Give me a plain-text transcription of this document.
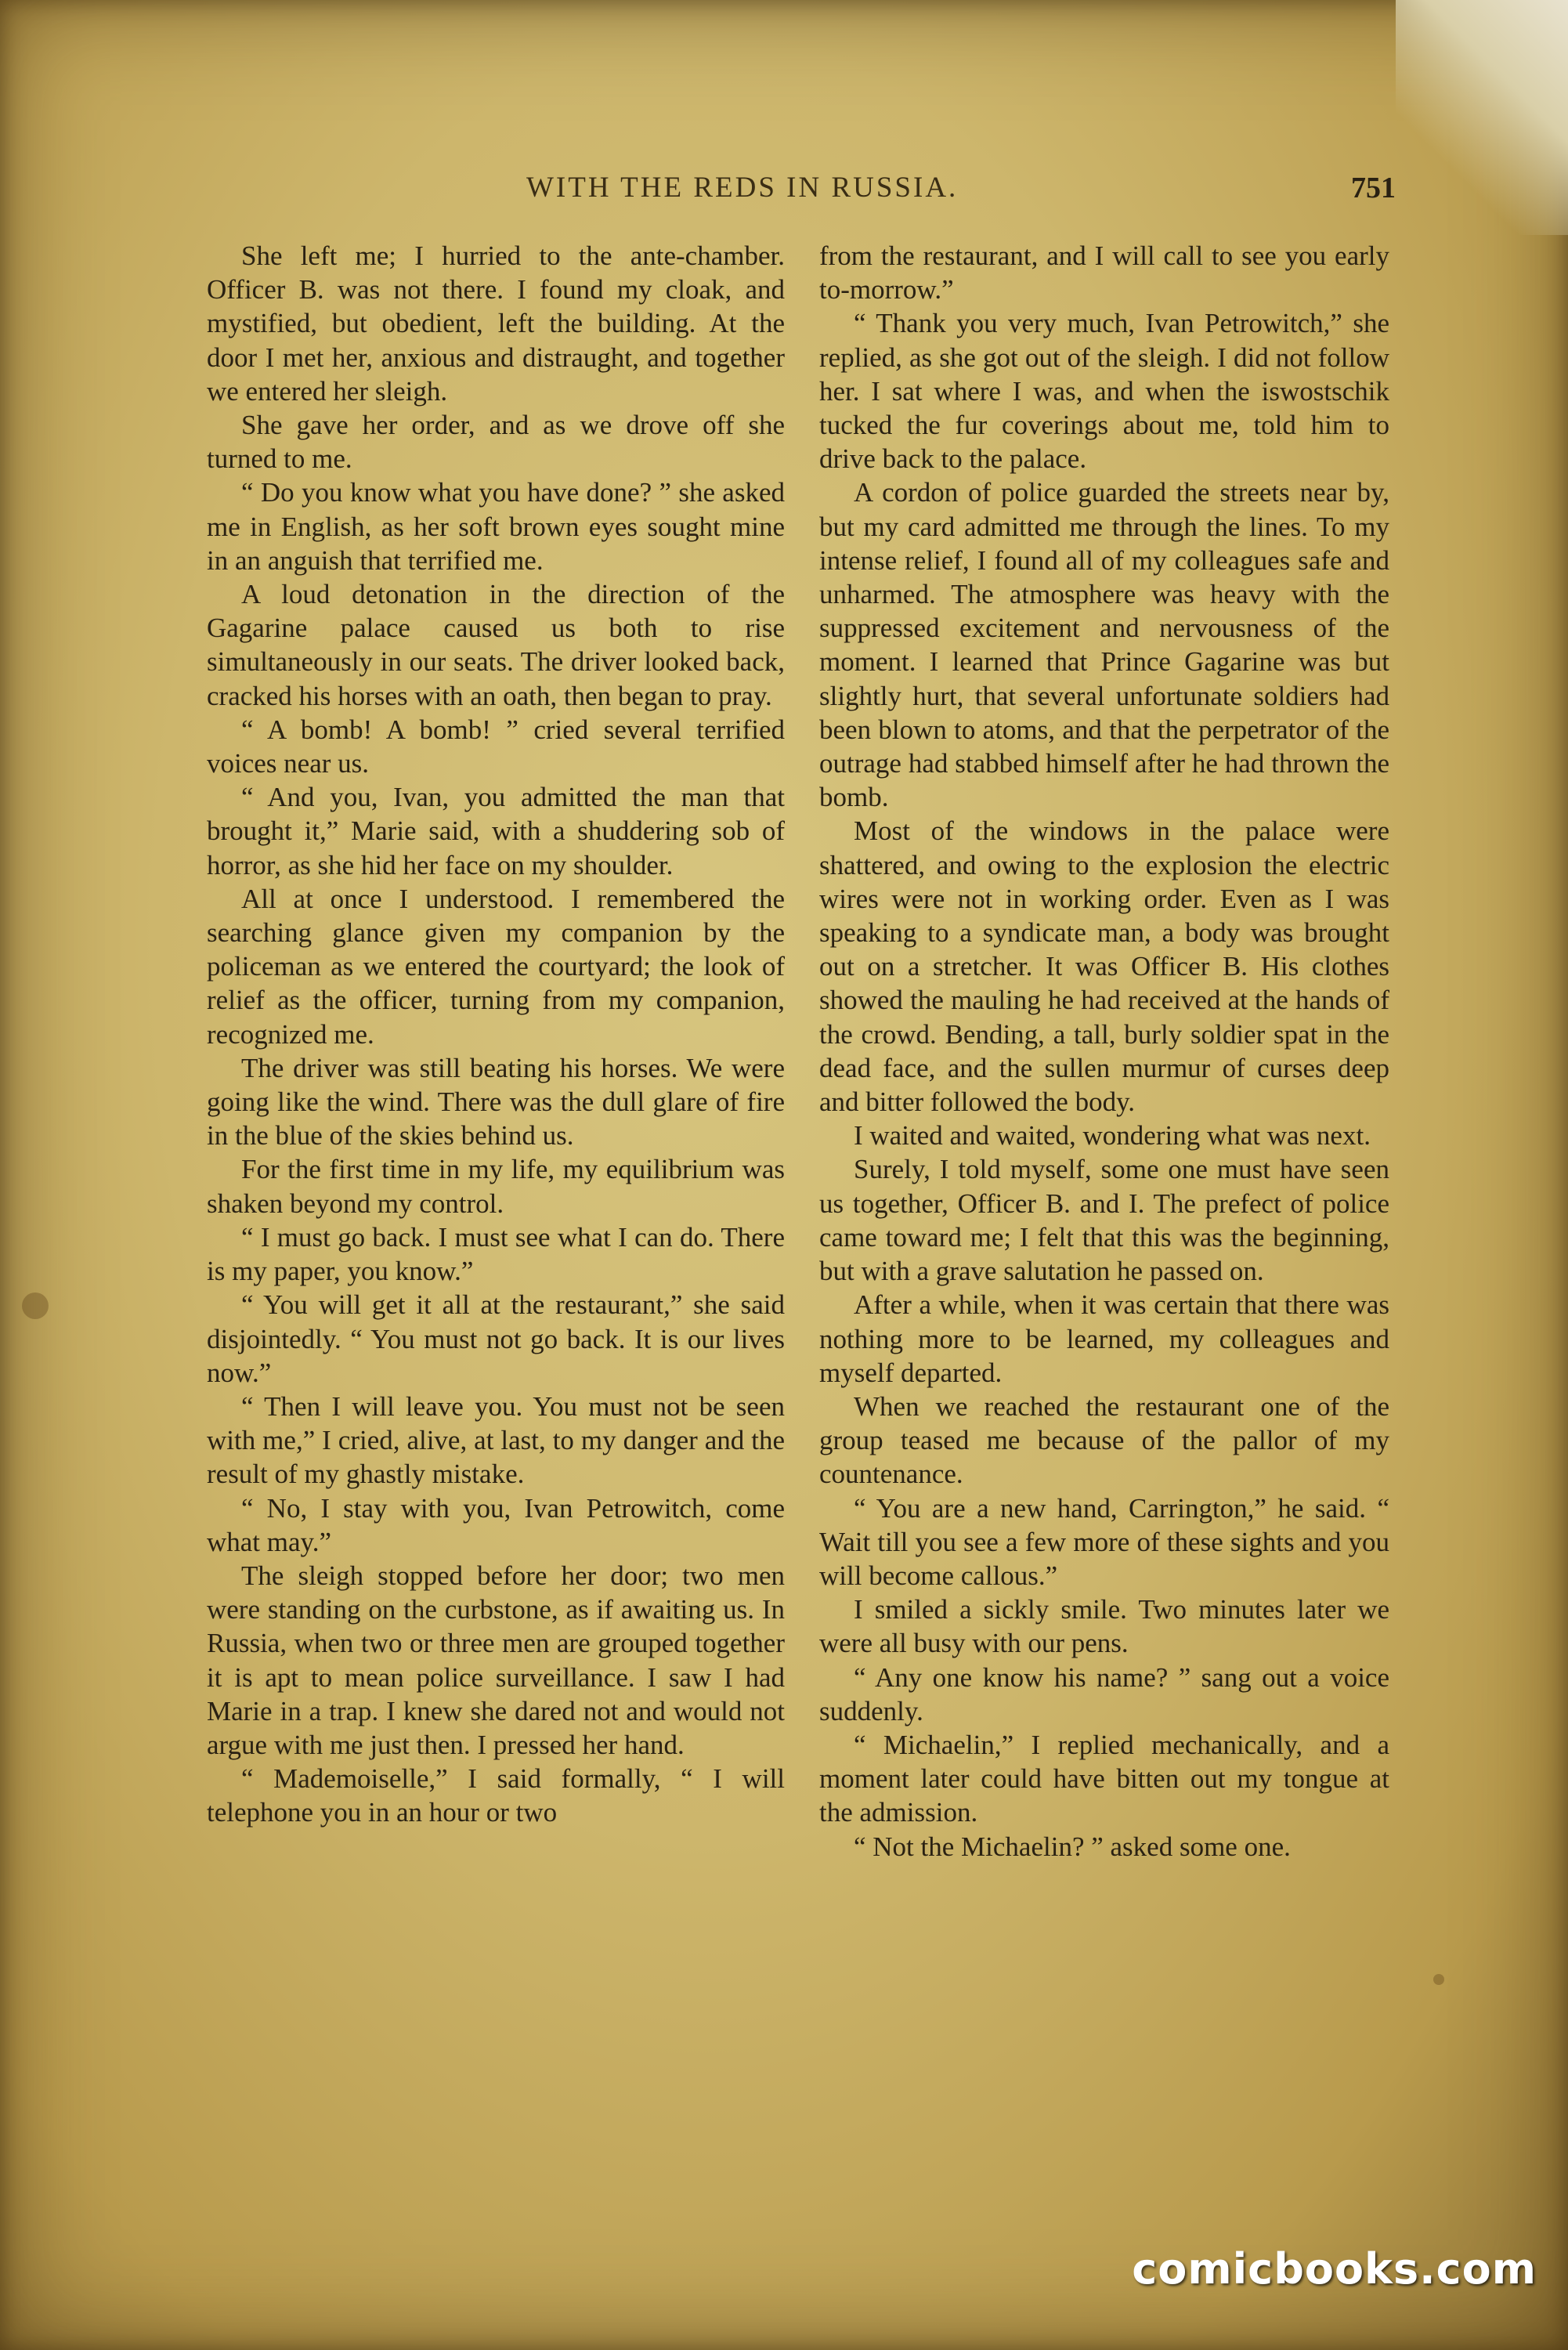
WITH THE REDS IN RUSSIA.	751

She left me; I hurried to the ante-chamber. Officer B. was not there. I found my cloak, and mystified, but obedient, left the building. At the door I met her, anxious and distraught, and together we entered her sleigh.

She gave her order, and as we drove off she turned to me.

“ Do you know what you have done? ” she asked me in English, as her soft brown eyes sought mine in an anguish that terrified me.

A loud detonation in the direction of the Gagarine palace caused us both to rise simultaneously in our seats. The driver looked back, cracked his horses with an oath, then began to pray.

“ A bomb! A bomb! ” cried several terrified voices near us.

“ And you, Ivan, you admitted the man that brought it,” Marie said, with a shuddering sob of horror, as she hid her face on my shoulder.

All at once I understood. I remembered the searching glance given my companion by the policeman as we entered the courtyard; the look of relief as the officer, turning from my companion, recognized me.

The driver was still beating his horses. We were going like the wind. There was the dull glare of fire in the blue of the skies behind us.

For the first time in my life, my equilibrium was shaken beyond my control.

“ I must go back. I must see what I can do. There is my paper, you know.”

“ You will get it all at the restaurant,” she said disjointedly. “ You must not go back. It is our lives now.”

“ Then I will leave you. You must not be seen with me,” I cried, alive, at last, to my danger and the result of my ghastly mistake.

“ No, I stay with you, Ivan Petrowitch, come what may.”

The sleigh stopped before her door; two men were standing on the curbstone, as if awaiting us. In Russia, when two or three men are grouped together it is apt to mean police surveillance. I saw I had Marie in a trap. I knew she dared not and would not argue with me just then. I pressed her hand.

“ Mademoiselle,” I said formally, “ I will telephone you in an hour or two

from the restaurant, and I will call to see you early to-morrow.”

“ Thank you very much, Ivan Petrowitch,” she replied, as she got out of the sleigh. I did not follow her. I sat where I was, and when the iswostschik tucked the fur coverings about me, told him to drive back to the palace.

A cordon of police guarded the streets near by, but my card admitted me through the lines. To my intense relief, I found all of my colleagues safe and unharmed. The atmosphere was heavy with the suppressed excitement and nervousness of the moment. I learned that Prince Gagarine was but slightly hurt, that several unfortunate soldiers had been blown to atoms, and that the perpetrator of the outrage had stabbed himself after he had thrown the bomb.

Most of the windows in the palace were shattered, and owing to the explosion the electric wires were not in working order. Even as I was speaking to a syndicate man, a body was brought out on a stretcher. It was Officer B. His clothes showed the mauling he had received at the hands of the crowd. Bending, a tall, burly soldier spat in the dead face, and the sullen murmur of curses deep and bitter followed the body.

I waited and waited, wondering what was next.

Surely, I told myself, some one must have seen us together, Officer B. and I. The prefect of police came toward me; I felt that this was the beginning, but with a grave salutation he passed on.

After a while, when it was certain that there was nothing more to be learned, my colleagues and myself departed.

When we reached the restaurant one of the group teased me because of the pallor of my countenance.

“ You are a new hand, Carrington,” he said. “ Wait till you see a few more of these sights and you will become callous.”

I smiled a sickly smile. Two minutes later we were all busy with our pens.

“ Any one know his name? ” sang out a voice suddenly.

“ Michaelin,” I replied mechanically, and a moment later could have bitten out my tongue at the admission.

“ Not the Michaelin? ” asked some one.

comicbooks.com
